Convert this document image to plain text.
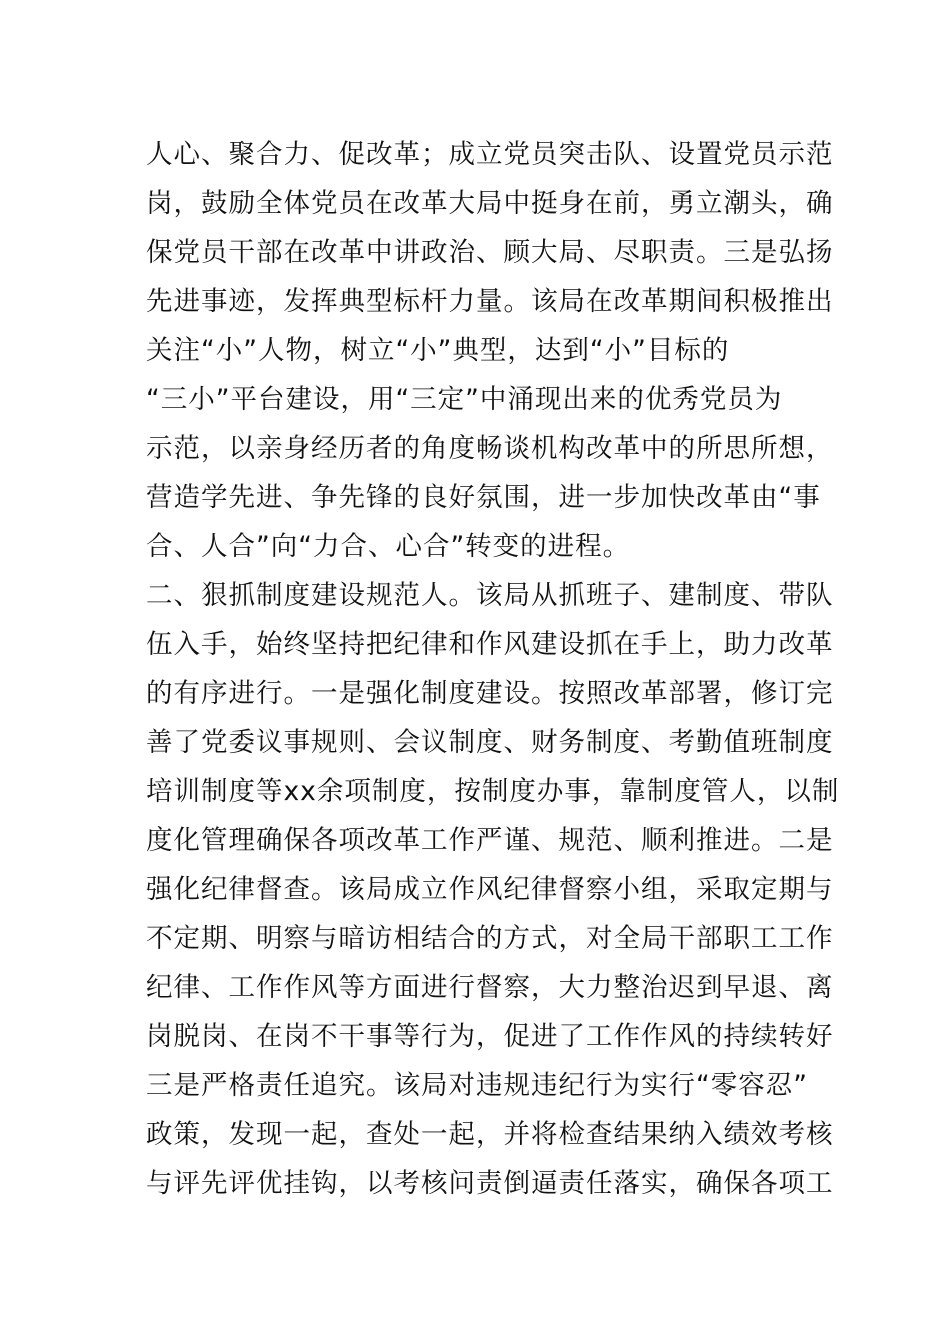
人心、聚合力、促改革；成立党员突击队、设置党员示范
岗，鼓励全体党员在改革大局中挺身在前，勇立潮头，确
保党员干部在改革中讲政治、顾大局、尽职责。三是弘扬
先进事迹，发挥典型标杆力量。该局在改革期间积极推出
关注“小”人物，树立“小”典型，达到“小”目标的
“三小”平台建设，用“三定”中涌现出来的优秀党员为
示范，以亲身经历者的角度畅谈机构改革中的所思所想，
营造学先进、争先锋的良好氛围，进一步加快改革由“事
合、人合”向“力合、心合”转变的进程。
二、狠抓制度建设规范人。该局从抓班子、建制度、带队
伍入手，始终坚持把纪律和作风建设抓在手上，助力改革
的有序进行。一是强化制度建设。按照改革部署，修订完
善了党委议事规则、会议制度、财务制度、考勤值班制度
培训制度等xx余项制度，按制度办事，靠制度管人，以制
度化管理确保各项改革工作严谨、规范、顺利推进。二是
强化纪律督查。该局成立作风纪律督察小组，采取定期与
不定期、明察与暗访相结合的方式，对全局干部职工工作
纪律、工作作风等方面进行督察，大力整治迟到早退、离
岗脱岗、在岗不干事等行为，促进了工作作风的持续转好
三是严格责任追究。该局对违规违纪行为实行“零容忍”
政策，发现一起，查处一起，并将检查结果纳入绩效考核
与评先评优挂钩，以考核问责倒逼责任落实，确保各项工
